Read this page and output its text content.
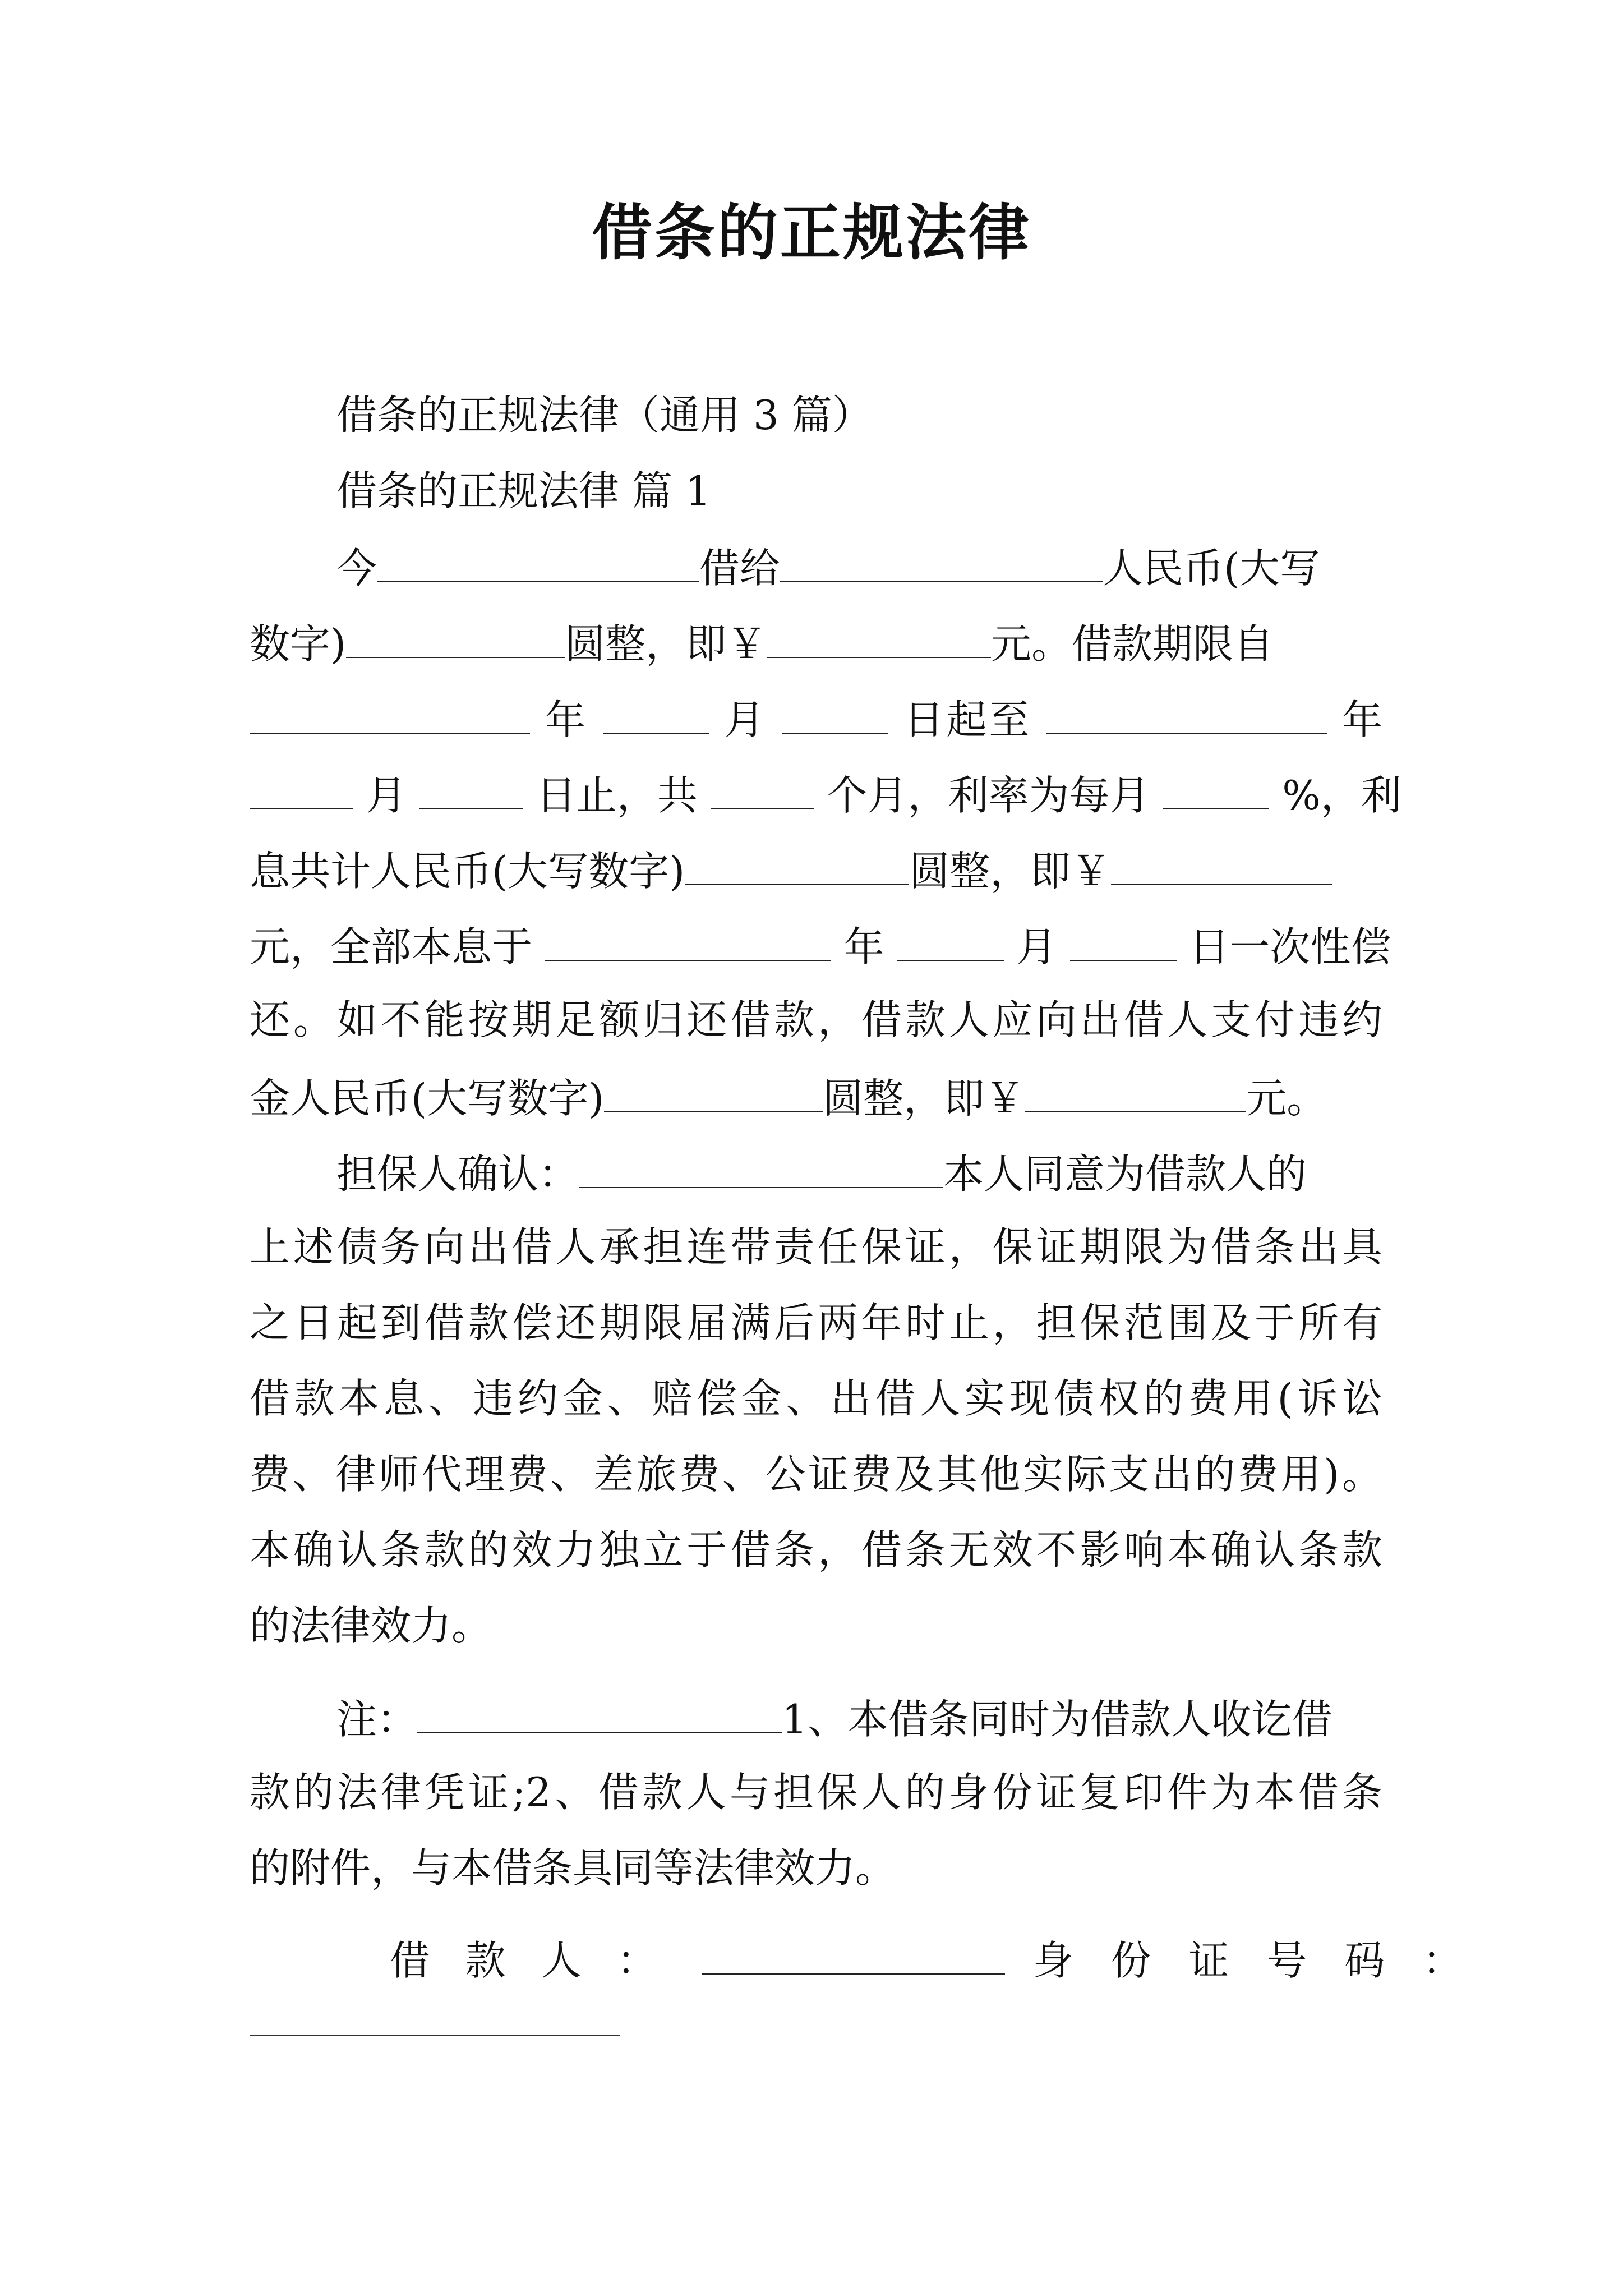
借条的正规法律
借条的正规法律（通用 3 篇）
借条的正规法律 篇 1
今	借给	人民币(大写
数字)	圆整，即￥	元。借款期限自
年	月	日起至	年
月	日止，共	个月，利率为每月	%，利
息共计人民币(大写数字)	圆整，即￥
元，全部本息于	年	月	日一次性偿
还。如不能按期足额归还借款，借款人应向出借人支付违约
金人民币(大写数字)	圆整，即￥	元。
担保人确认：	本人同意为借款人的
上述债务向出借人承担连带责任保证，保证期限为借条出具
之日起到借款偿还期限届满后两年时止，担保范围及于所有
借款本息、违约金、赔偿金、出借人实现债权的费用(诉讼
费、律师代理费、差旅费、公证费及其他实际支出的费用)。
本确认条款的效力独立于借条，借条无效不影响本确认条款
的法律效力。
注：	1、本借条同时为借款人收讫借
款的法律凭证;2、借款人与担保人的身份证复印件为本借条
的附件，与本借条具同等法律效力。
借 款 人 ：	身 份 证 号 码 ：
